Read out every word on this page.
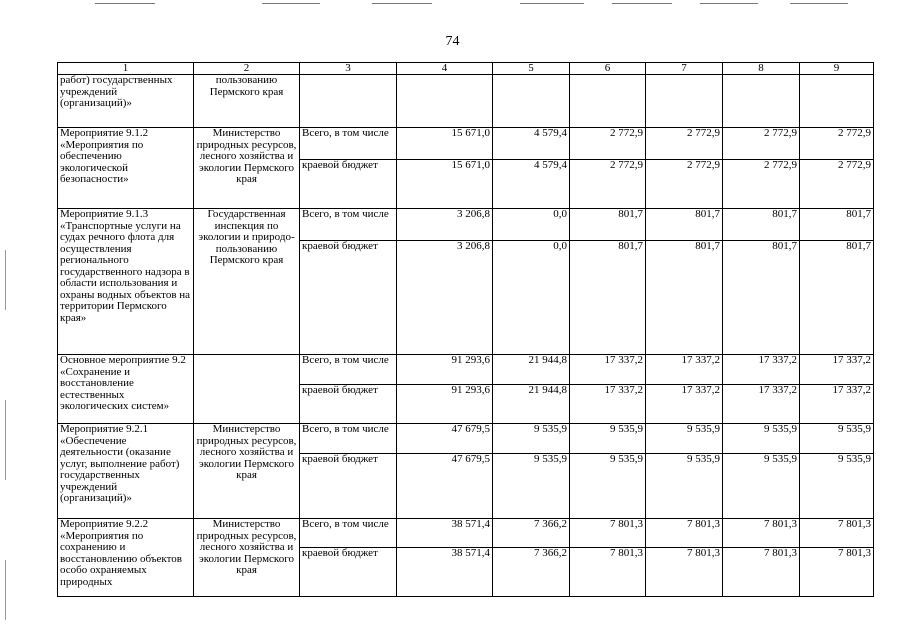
74
1	2	3	4	5	6	7	8	9
работ) государственных учреждений (организаций)»	пользованию Пермского края							
Мероприятие 9.1.2 «Мероприятия по обеспечению экологической безопасности»	Министерство природных ресурсов, лесного хозяйства и экологии Пермского края	Всего, в том числе	15 671,0	4 579,4	2 772,9	2 772,9	2 772,9	2 772,9
		краевой бюджет	15 671,0	4 579,4	2 772,9	2 772,9	2 772,9	2 772,9
Мероприятие 9.1.3 «Транспортные услуги на судах речного флота для осуществления регионального государственного надзора в области использования и охраны водных объектов на территории Пермского края»	Государственная инспекция по экологии и природо-пользованию Пермского края	Всего, в том числе	3 206,8	0,0	801,7	801,7	801,7	801,7
		краевой бюджет	3 206,8	0,0	801,7	801,7	801,7	801,7
Основное мероприятие 9.2 «Сохранение и восстановление естественных экологических систем»		Всего, в том числе	91 293,6	21 944,8	17 337,2	17 337,2	17 337,2	17 337,2
		краевой бюджет	91 293,6	21 944,8	17 337,2	17 337,2	17 337,2	17 337,2
Мероприятие 9.2.1 «Обеспечение деятельности (оказание услуг, выполнение работ) государственных учреждений (организаций)»	Министерство природных ресурсов, лесного хозяйства и экологии Пермского края	Всего, в том числе	47 679,5	9 535,9	9 535,9	9 535,9	9 535,9	9 535,9
		краевой бюджет	47 679,5	9 535,9	9 535,9	9 535,9	9 535,9	9 535,9
Мероприятие 9.2.2 «Мероприятия по сохранению и восстановлению объектов особо охраняемых природных	Министерство природных ресурсов, лесного хозяйства и экологии Пермского края	Всего, в том числе	38 571,4	7 366,2	7 801,3	7 801,3	7 801,3	7 801,3
		краевой бюджет	38 571,4	7 366,2	7 801,3	7 801,3	7 801,3	7 801,3
